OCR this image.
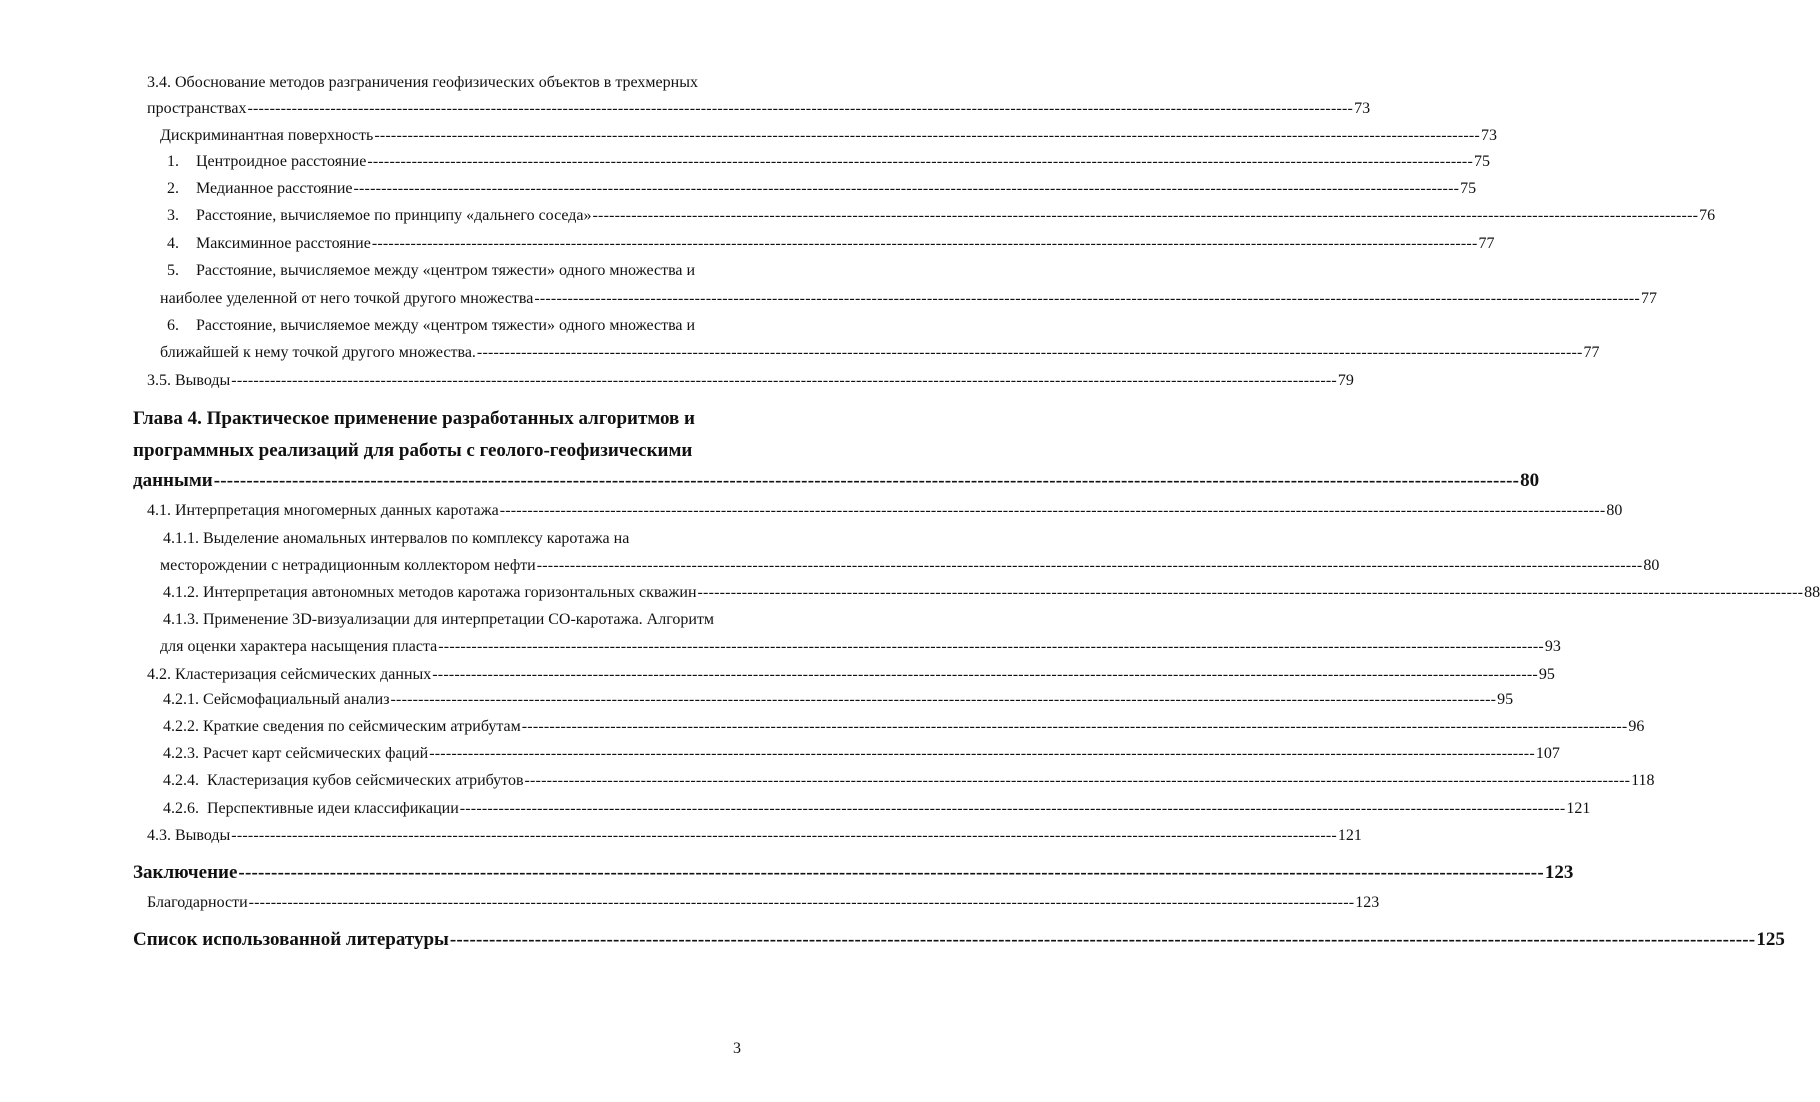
3.4. Обоснование методов разграничения геофизических объектов в трехмерных
пространствах -------------------------------------------------------------------------------------------------------------------------------------------------------------------------------------------------------- 73
Дискриминантная поверхность -------------------------------------------------------------------------------------------------------------------------------------------------------------------------------------------------------- 73
1. Центроидное расстояние -------------------------------------------------------------------------------------------------------------------------------------------------------------------------------------------------------- 75
2. Медианное расстояние -------------------------------------------------------------------------------------------------------------------------------------------------------------------------------------------------------- 75
3. Расстояние, вычисляемое по принципу «дальнего соседа» -------------------------------------------------------------------------------------------------------------------------------------------------------------------------------------------------------- 76
4. Максиминное расстояние -------------------------------------------------------------------------------------------------------------------------------------------------------------------------------------------------------- 77
5. Расстояние, вычисляемое между «центром тяжести» одного множества и
наиболее уделенной от него точкой другого множества -------------------------------------------------------------------------------------------------------------------------------------------------------------------------------------------------------- 77
6. Расстояние, вычисляемое между «центром тяжести» одного множества и
ближайшей к нему точкой другого множества. -------------------------------------------------------------------------------------------------------------------------------------------------------------------------------------------------------- 77
3.5. Выводы -------------------------------------------------------------------------------------------------------------------------------------------------------------------------------------------------------- 79
Глава 4. Практическое применение разработанных алгоритмов и
программных реализаций для работы с геолого-геофизическими
данными -------------------------------------------------------------------------------------------------------------------------------------------------------------------------------------------------------- 80
4.1. Интерпретация многомерных данных каротажа -------------------------------------------------------------------------------------------------------------------------------------------------------------------------------------------------------- 80
4.1.1. Выделение аномальных интервалов по комплексу каротажа на
месторождении с нетрадиционным коллектором нефти -------------------------------------------------------------------------------------------------------------------------------------------------------------------------------------------------------- 80
4.1.2. Интерпретация автономных методов каротажа горизонтальных скважин -------------------------------------------------------------------------------------------------------------------------------------------------------------------------------------------------------- 88
4.1.3. Применение 3D-визуализации для интерпретации СО-каротажа. Алгоритм
для оценки характера насыщения пласта -------------------------------------------------------------------------------------------------------------------------------------------------------------------------------------------------------- 93
4.2. Кластеризация сейсмических данных -------------------------------------------------------------------------------------------------------------------------------------------------------------------------------------------------------- 95
4.2.1. Сейсмофациальный анализ -------------------------------------------------------------------------------------------------------------------------------------------------------------------------------------------------------- 95
4.2.2. Краткие сведения по сейсмическим атрибутам -------------------------------------------------------------------------------------------------------------------------------------------------------------------------------------------------------- 96
4.2.3. Расчет карт сейсмических фаций -------------------------------------------------------------------------------------------------------------------------------------------------------------------------------------------------------- 107
4.2.4.  Кластеризация кубов сейсмических атрибутов -------------------------------------------------------------------------------------------------------------------------------------------------------------------------------------------------------- 118
4.2.6.  Перспективные идеи классификации -------------------------------------------------------------------------------------------------------------------------------------------------------------------------------------------------------- 121
4.3. Выводы -------------------------------------------------------------------------------------------------------------------------------------------------------------------------------------------------------- 121
Заключение -------------------------------------------------------------------------------------------------------------------------------------------------------------------------------------------------------- 123
Благодарности -------------------------------------------------------------------------------------------------------------------------------------------------------------------------------------------------------- 123
Список использованной литературы -------------------------------------------------------------------------------------------------------------------------------------------------------------------------------------------------------- 125
3
